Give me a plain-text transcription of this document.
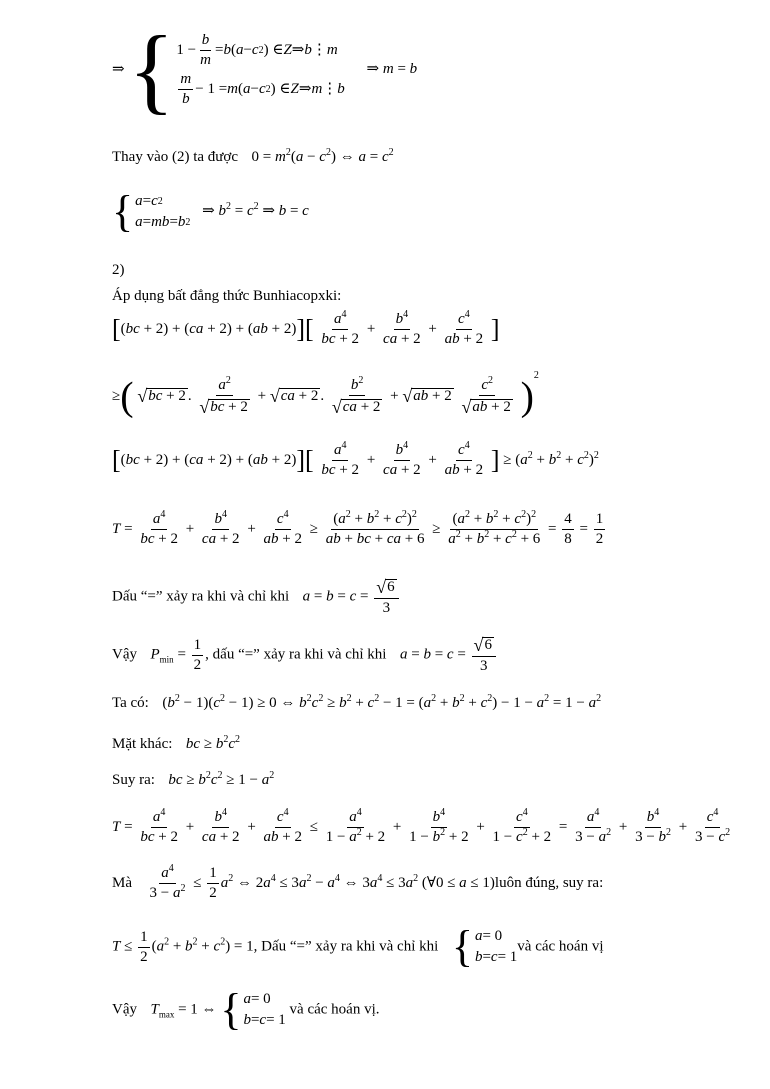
⇒ { $1 - \frac{b}{m} = b$ ( a − c 2 ) ∈ Z ⇒ b ⋮ m
$\frac{m}{b} - 1 = m$ ( a − c 2 ) ∈ Z ⇒ m ⋮ b
⇒ m = b
Thay vào (2) ta được  $0 = m^2(a - c^2)$ ⇔ $a = c^2$
{ a = c 2
a = mb = b 2
⇒ $b^2 = c^2$ ⇒ b = c
2)
Áp dụng bất đẳng thức Bunhiacopxki:
$[(bc + 2) + (ca + 2) + (ab + 2)][ \frac{a^4}{bc + 2} + \frac{b^4}{ca + 2} + \frac{c^4}{ab + 2}$ ]
≥( √bc + 2 . $\frac{a^2}{√bc + 2} + √ca + 2$ . $\frac{b^2}{√ca + 2} + √ab + 2 \frac{c^2}{√ab + 2} )^2$
$[(bc + 2) + (ca + 2) + (ab + 2)][ \frac{a^4}{bc + 2} + \frac{b^4}{ca + 2} + \frac{c^4}{ab + 2}$ ] ≥ $(a^2 + b^2 + c^2)^2$
$T = \frac{a^4}{bc + 2} + \frac{b^4}{ca + 2} + \frac{c^4}{ab + 2} \ge \frac{(a^2 + b^2 + c^2)^2}{ab + bc + ca + 6} \ge \frac{(a^2 + b^2 + c^2)^2}{a^2 + b^2 + c^2 + 6} = \frac{4}{8} = \frac{1}{2}$
Dấu “=” xảy ra khi và chỉ khi $a = b = c = \frac{√6}{3}$
Vậy $P_{min} = \frac{1}{2}$ , dấu “=” xảy ra khi và chỉ khi $a = b = c = \frac{√6}{3}$
Ta có:  $(b^2 - 1)(c^2 - 1) \ge 0$ ⇔ $b^2c^2 \ge b^2 + c^2 - 1 = (a^2 + b^2 + c^2) - 1 - a^2 = 1 - a^2$
Mặt khác: bc ≥ $b^2c^2$
Suy ra: bc ≥ $b^2c^2 \ge 1 - a^2$
$T = \frac{a^4}{bc + 2} + \frac{b^4}{ca + 2} + \frac{c^4}{ab + 2} \le \frac{a^4}{1 - a^2 + 2} + \frac{b^4}{1 - b^2 + 2} + \frac{c^4}{1 - c^2 + 2} = \frac{a^4}{3 - a^2} + \frac{b^4}{3 - b^2} + \frac{c^4}{3 - c^2}$
Mà $\frac{a^4}{3 - a^2} \le \frac{1}{2} a^2$ ⇔ $2a^4 \le 3a^2 - a^4$ ⇔ $3a^4 \le 3a^2$ (∀0 ≤ a ≤ 1)luôn đúng, suy ra:
$T \le \frac{1}{2} (a^2 + b^2 + c^2) = 1$, Dấu “=” xảy ra khi và chỉ khi { a = 0
b = c = 1
và các hoán vị
Vậy $T_{max} = 1$ ⇔ { a = 0
b = c = 1
và các hoán vị.
